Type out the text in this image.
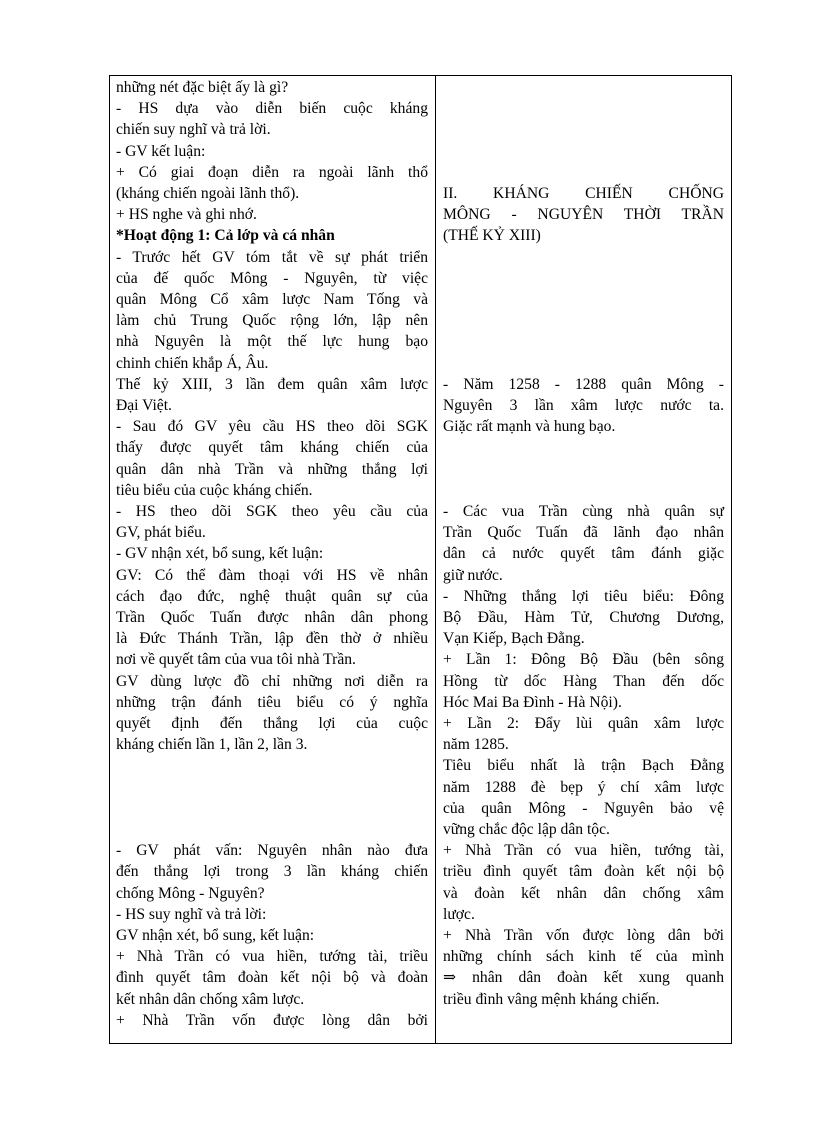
những nét đặc biệt ấy là gì?
- HS dựa vào diễn biến cuộc kháng
chiến suy nghĩ và trả lời.
- GV kết luận:
+ Có giai đoạn diễn ra ngoài lãnh thổ
(kháng chiến ngoài lãnh thổ).
+ HS nghe và ghi nhớ.
*Hoạt động 1: Cả lớp và cá nhân
- Trước hết GV tóm tắt về sự phát triển
của đế quốc Mông - Nguyên, từ việc
quân Mông Cổ xâm lược Nam Tống và
làm chủ Trung Quốc rộng lớn, lập nên
nhà Nguyên là một thế lực hung bạo
chinh chiến khắp Á, Âu.
Thế kỷ XIII, 3 lần đem quân xâm lược
Đại Việt.
- Sau đó GV yêu cầu HS theo dõi SGK
thấy được quyết tâm kháng chiến của
quân dân nhà Trần và những thắng lợi
tiêu biểu của cuộc kháng chiến.
- HS theo dõi SGK theo yêu cầu của
GV, phát biểu.
- GV nhận xét, bổ sung, kết luận:
GV: Có thể đàm thoại với HS về nhân
cách đạo đức, nghệ thuật quân sự của
Trần Quốc Tuấn được nhân dân phong
là Đức Thánh Trần, lập đền thờ ở nhiều
nơi về quyết tâm của vua tôi nhà Trần.
GV dùng lược đồ chỉ những nơi diễn ra
những trận đánh tiêu biểu có ý nghĩa
quyết định đến thắng lợi của cuộc
kháng chiến lần 1, lần 2, lần 3.
- GV phát vấn: Nguyên nhân nào đưa
đến thắng lợi trong 3 lần kháng chiến
chống Mông - Nguyên?
- HS suy nghĩ và trả lời:
GV nhận xét, bổ sung, kết luận:
+ Nhà Trần có vua hiền, tướng tài, triều
đình quyết tâm đoàn kết nội bộ và đoàn
kết nhân dân chống xâm lược.
+ Nhà Trần vốn được lòng dân bởi
II. KHÁNG CHIẾN CHỐNG
MÔNG - NGUYÊN THỜI TRẦN
(THẾ KỶ XIII)
- Năm 1258 - 1288 quân Mông -
Nguyên 3 lần xâm lược nước ta.
Giặc rất mạnh và hung bạo.
- Các vua Trần cùng nhà quân sự
Trần Quốc Tuấn đã lãnh đạo nhân
dân cả nước quyết tâm đánh giặc
giữ nước.
- Những thắng lợi tiêu biểu: Đông
Bộ Đầu, Hàm Tử, Chương Dương,
Vạn Kiếp, Bạch Đằng.
+ Lần 1: Đông Bộ Đầu (bên sông
Hồng từ dốc Hàng Than đến dốc
Hóc Mai Ba Đình - Hà Nội).
+ Lần 2: Đẩy lùi quân xâm lược
năm 1285.
Tiêu biểu nhất là trận Bạch Đằng
năm 1288 đè bẹp ý chí xâm lược
của quân Mông - Nguyên bảo vệ
vững chắc độc lập dân tộc.
+ Nhà Trần có vua hiền, tướng tài,
triều đình quyết tâm đoàn kết nội bộ
và đoàn kết nhân dân chống xâm
lược.
+ Nhà Trần vốn được lòng dân bởi
những chính sách kinh tế của mình
⇒ nhân dân đoàn kết xung quanh
triều đình vâng mệnh kháng chiến.
